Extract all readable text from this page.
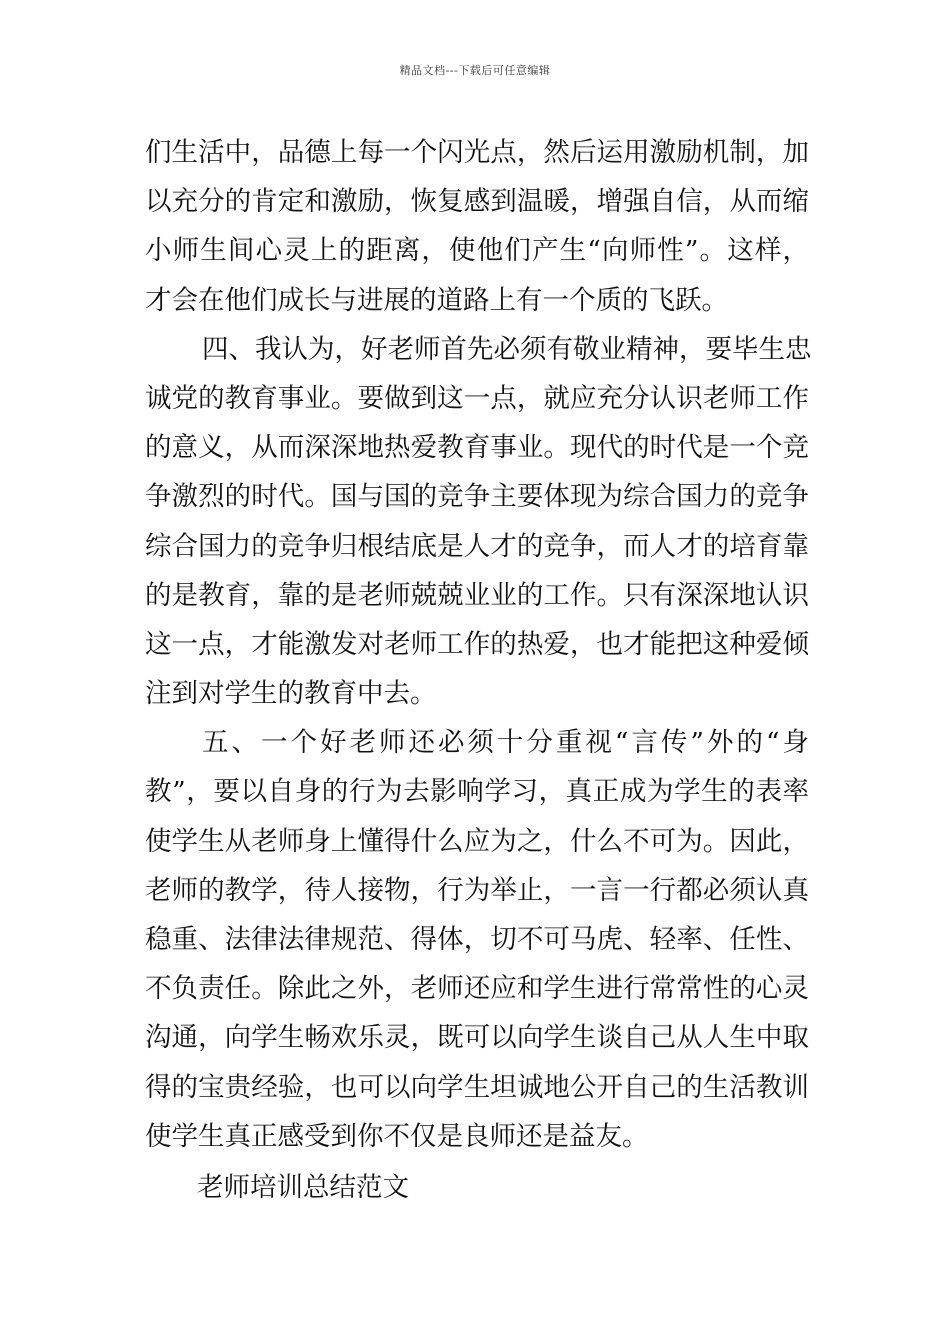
精品文档---下载后可任意编辑
们生活中，品德上每一个闪光点，然后运用激励机制，加
以充分的肯定和激励，恢复感到温暖，增强自信，从而缩
小师生间心灵上的距离，使他们产生“向师性”。这样，
才会在他们成长与进展的道路上有一个质的飞跃。
四、我认为，好老师首先必须有敬业精神，要毕生忠
诚党的教育事业。要做到这一点，就应充分认识老师工作
的意义，从而深深地热爱教育事业。现代的时代是一个竞
争激烈的时代。国与国的竞争主要体现为综合国力的竞争
综合国力的竞争归根结底是人才的竞争，而人才的培育靠
的是教育，靠的是老师兢兢业业的工作。只有深深地认识
这一点，才能激发对老师工作的热爱，也才能把这种爱倾
注到对学生的教育中去。
五、一个好老师还必须十分重视“言传”外的“身
教”，要以自身的行为去影响学习，真正成为学生的表率
使学生从老师身上懂得什么应为之，什么不可为。因此，
老师的教学，待人接物，行为举止，一言一行都必须认真
稳重、法律法律规范、得体，切不可马虎、轻率、任性、
不负责任。除此之外，老师还应和学生进行常常性的心灵
沟通，向学生畅欢乐灵，既可以向学生谈自己从人生中取
得的宝贵经验，也可以向学生坦诚地公开自己的生活教训
使学生真正感受到你不仅是良师还是益友。
老师培训总结范文
